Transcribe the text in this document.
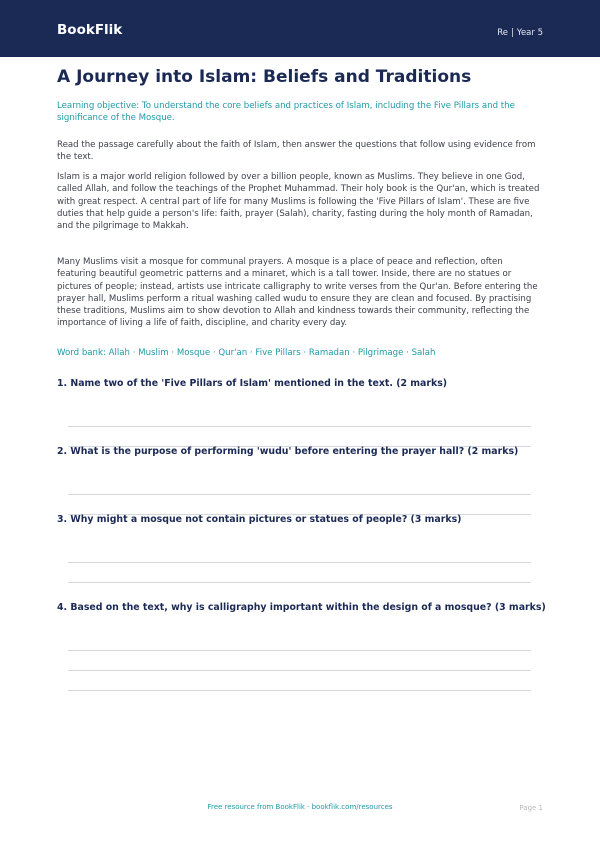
BookFlik	Re | Year 5
A Journey into Islam: Beliefs and Traditions

Learning objective: To understand the core beliefs and practices of Islam, including the Five Pillars and the significance of the Mosque.

Read the passage carefully about the faith of Islam, then answer the questions that follow using evidence from the text.

Islam is a major world religion followed by over a billion people, known as Muslims. They believe in one God, called Allah, and follow the teachings of the Prophet Muhammad. Their holy book is the Qur'an, which is treated with great respect. A central part of life for many Muslims is following the 'Five Pillars of Islam'. These are five duties that help guide a person's life: faith, prayer (Salah), charity, fasting during the holy month of Ramadan, and the pilgrimage to Makkah.

Many Muslims visit a mosque for communal prayers. A mosque is a place of peace and reflection, often featuring beautiful geometric patterns and a minaret, which is a tall tower. Inside, there are no statues or pictures of people; instead, artists use intricate calligraphy to write verses from the Qur'an. Before entering the prayer hall, Muslims perform a ritual washing called wudu to ensure they are clean and focused. By practising these traditions, Muslims aim to show devotion to Allah and kindness towards their community, reflecting the importance of living a life of faith, discipline, and charity every day.

Word bank: Allah · Muslim · Mosque · Qur'an · Five Pillars · Ramadan · Pilgrimage · Salah

1. Name two of the 'Five Pillars of Islam' mentioned in the text. (2 marks)
2. What is the purpose of performing 'wudu' before entering the prayer hall? (2 marks)
3. Why might a mosque not contain pictures or statues of people? (3 marks)
4. Based on the text, why is calligraphy important within the design of a mosque? (3 marks)
Free resource from BookFlik · bookflik.com/resources	Page 1
